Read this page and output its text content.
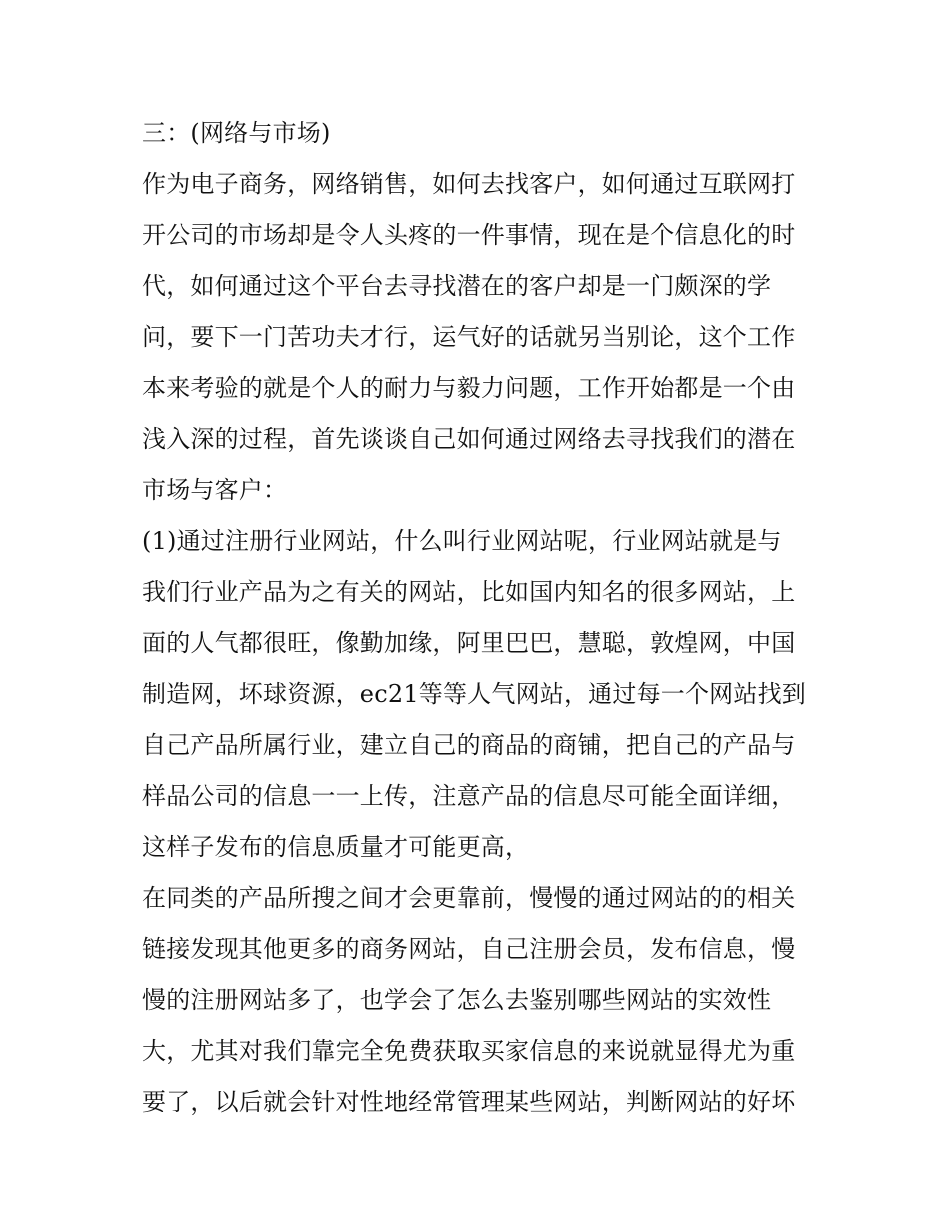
三：(网络与市场)
作为电子商务，网络销售，如何去找客户，如何通过互联网打
开公司的市场却是令人头疼的一件事情，现在是个信息化的时
代，如何通过这个平台去寻找潜在的客户却是一门颇深的学
问，要下一门苦功夫才行，运气好的话就另当别论，这个工作
本来考验的就是个人的耐力与毅力问题，工作开始都是一个由
浅入深的过程，首先谈谈自己如何通过网络去寻找我们的潜在
市场与客户：
(1)通过注册行业网站，什么叫行业网站呢，行业网站就是与
我们行业产品为之有关的网站，比如国内知名的很多网站，上
面的人气都很旺，像勤加缘，阿里巴巴，慧聪，敦煌网，中国
制造网，坏球资源，ec21等等人气网站，通过每一个网站找到
自己产品所属行业，建立自己的商品的商铺，把自己的产品与
样品公司的信息一一上传，注意产品的信息尽可能全面详细，
这样子发布的信息质量才可能更高，
在同类的产品所搜之间才会更靠前，慢慢的通过网站的的相关
链接发现其他更多的商务网站，自己注册会员，发布信息，慢
慢的注册网站多了，也学会了怎么去鉴别哪些网站的实效性
大，尤其对我们靠完全免费获取买家信息的来说就显得尤为重
要了，以后就会针对性地经常管理某些网站，判断网站的好坏
